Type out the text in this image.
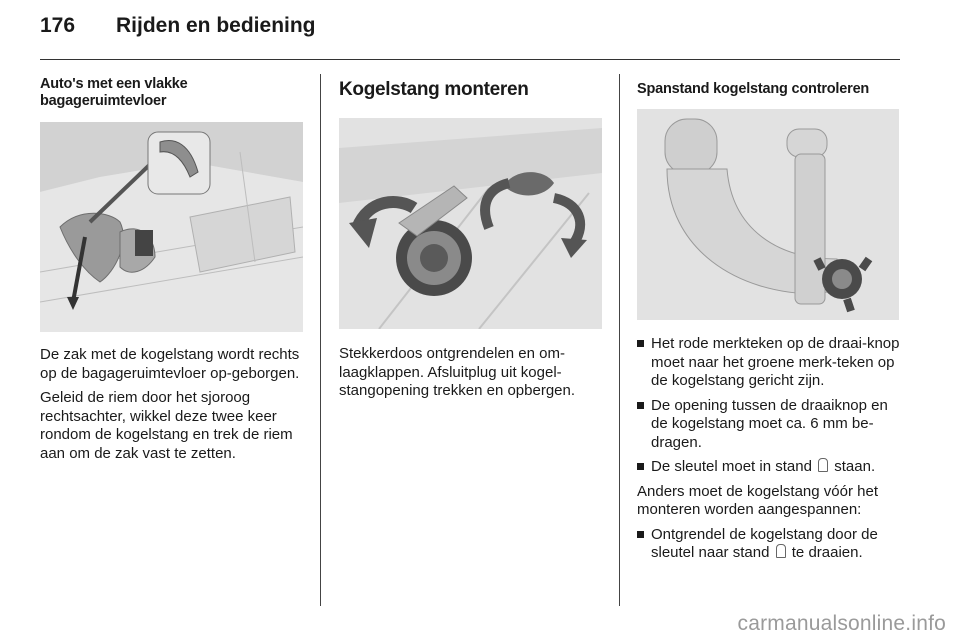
176 Rijden en bediening
Auto's met een vlakke bagageruimtevloer

De zak met de kogelstang wordt rechts op de bagageruimtevloer op-geborgen.

Geleid de riem door het sjoroog rechtsachter, wikkel deze twee keer rondom de kogelstang en trek de riem aan om de zak vast te zetten.

Kogelstang monteren

Stekkerdoos ontgrendelen en om-laagklappen. Afsluitplug uit kogel-stangopening trekken en opbergen.

Spanstand kogelstang controleren
Het rode merkteken op de draai-knop moet naar het groene merk-teken op de kogelstang gericht zijn.
De opening tussen de draaiknop en de kogelstang moet ca. 6 mm be-dragen.
De sleutel moet in stand staan.

Anders moet de kogelstang vóór het monteren worden aangespannen:

Ontgrendel de kogelstang door de sleutel naar stand te draaien.
carmanualsonline.info
